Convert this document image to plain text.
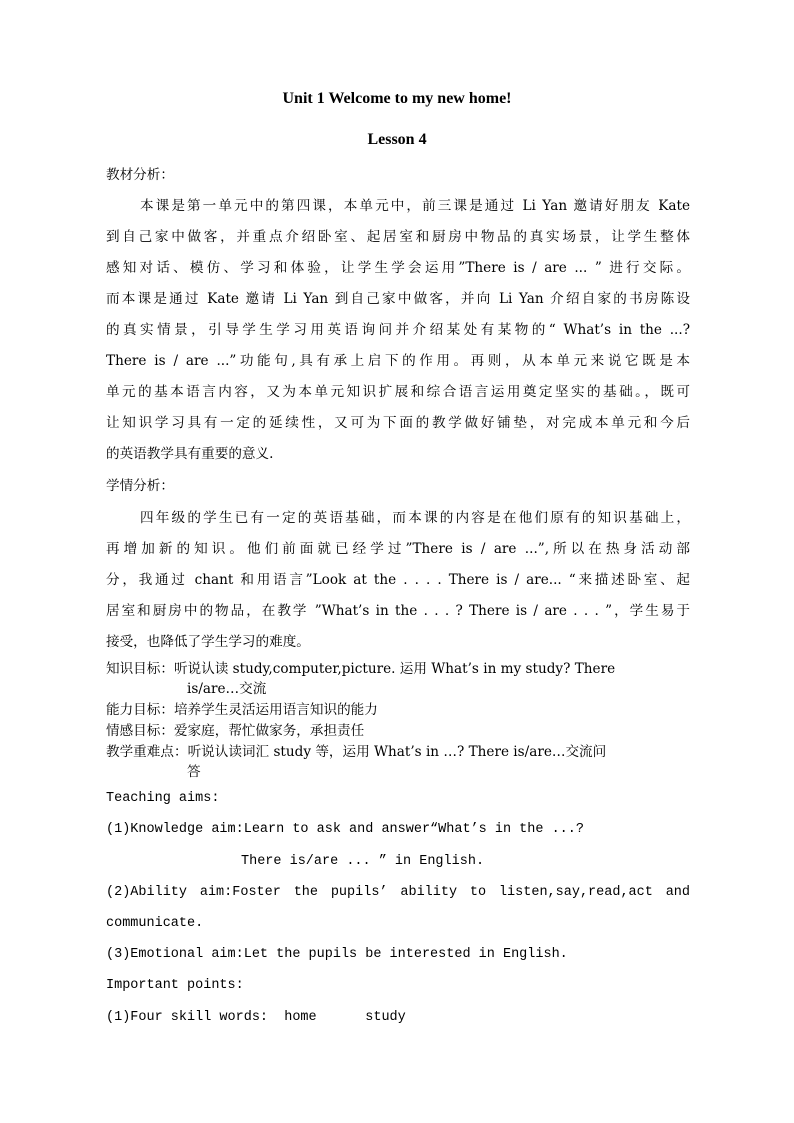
Unit 1 Welcome to my new home!
Lesson 4
教材分析：
本课是第一单元中的第四课，本单元中，前三课是通过 Li Yan 邀请好朋友 Kate
到自己家中做客，并重点介绍卧室、起居室和厨房中物品的真实场景，让学生整体
感知对话、模仿、学习和体验，让学生学会运用”There is / are ... ” 进行交际。
而本课是通过 Kate 邀请 Li Yan 到自己家中做客，并向 Li Yan 介绍自家的书房陈设
的真实情景，引导学生学习用英语询问并介绍某处有某物的“ What’s in the ...?
There is / are ...”功能句,具有承上启下的作用。再则，从本单元来说它既是本
单元的基本语言内容，又为本单元知识扩展和综合语言运用奠定坚实的基础。，既可
让知识学习具有一定的延续性，又可为下面的教学做好铺垫，对完成本单元和今后
的英语教学具有重要的意义.
学情分析：
四年级的学生已有一定的英语基础，而本课的内容是在他们原有的知识基础上，
再增加新的知识。他们前面就已经学过”There is / are ...”,所以在热身活动部
分，我通过 chant 和用语言”Look at the . . . . There is / are... “来描述卧室、起
居室和厨房中的物品，在教学 ”What’s in the . . . ? There is / are . . . ”，学生易于
接受，也降低了学生学习的难度。
知识目标：听说认读 study,computer,picture. 运用 What’s in my study? There
is/are…交流
能力目标：培养学生灵活运用语言知识的能力
情感目标：爱家庭，帮忙做家务，承担责任
教学重难点：听说认读词汇 study 等，运用 What’s in …? There is/are…交流问
答
Teaching aims:
(1)Knowledge aim:Learn to ask and answer“What’s in the ...?
There is/are ... ” in English.
(2)Ability aim:Foster the pupils’ ability to listen,say,read,act and
communicate.
(3)Emotional aim:Let the pupils be interested in English.
Important points:
(1)Four skill words:  home      study
